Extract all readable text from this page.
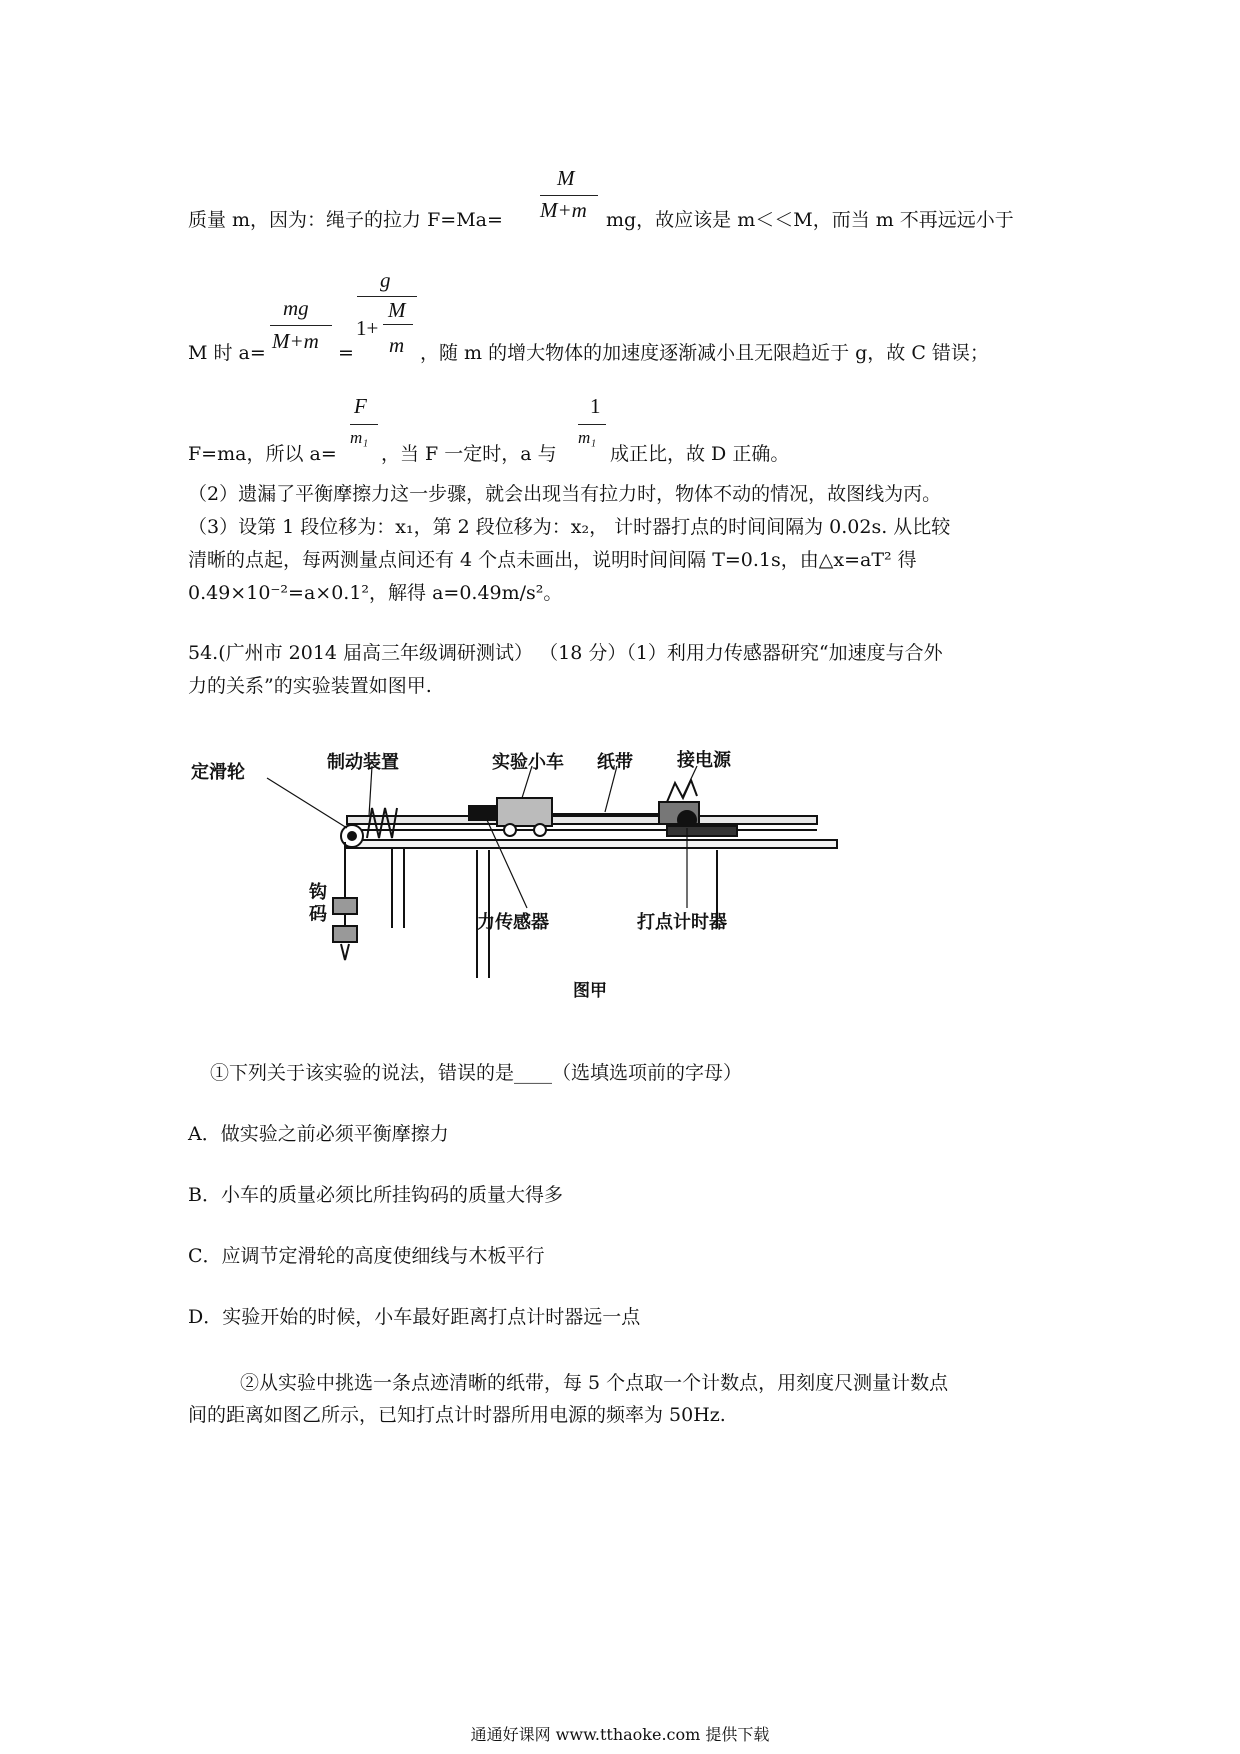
M
M+m
质量 m，因为：绳子的拉力 F=Ma=	mg，故应该是 m＜＜M，而当 m 不再远远小于
mg
M+m =
g
1+
M
m
M 时 a=	，随 m 的增大物体的加速度逐渐减小且无限趋近于 g，故 C 错误；
F
m₁
1
m₁
F=ma，所以 a= ，当 F 一定时，a 与	成正比，故 D 正确。
（2）遗漏了平衡摩擦力这一步骤，就会出现当有拉力时，物体不动的情况，故图线为丙。
（3）设第 1 段位移为：x₁，第 2 段位移为：x₂， 计时器打点的时间间隔为 0.02s. 从比较
清晰的点起，每两测量点间还有 4 个点未画出，说明时间间隔 T=0.1s，由△x=aT² 得
0.49×10⁻²=a×0.1²，解得 a=0.49m/s²。
54.(广州市 2014 届高三年级调研测试） （18 分）（1）利用力传感器研究“加速度与合外
力的关系”的实验装置如图甲.
定滑轮	制动装置	实验小车 纸带 接电源
钩
码	力传感器	打点计时器
图甲
①下列关于该实验的说法，错误的是____（选填选项前的字母）
A．做实验之前必须平衡摩擦力
B．小车的质量必须比所挂钩码的质量大得多
C．应调节定滑轮的高度使细线与木板平行
D．实验开始的时候，小车最好距离打点计时器远一点
②从实验中挑选一条点迹清晰的纸带，每 5 个点取一个计数点，用刻度尺测量计数点
间的距离如图乙所示，已知打点计时器所用电源的频率为 50Hz.
通通好课网 www.tthaoke.com 提供下载
